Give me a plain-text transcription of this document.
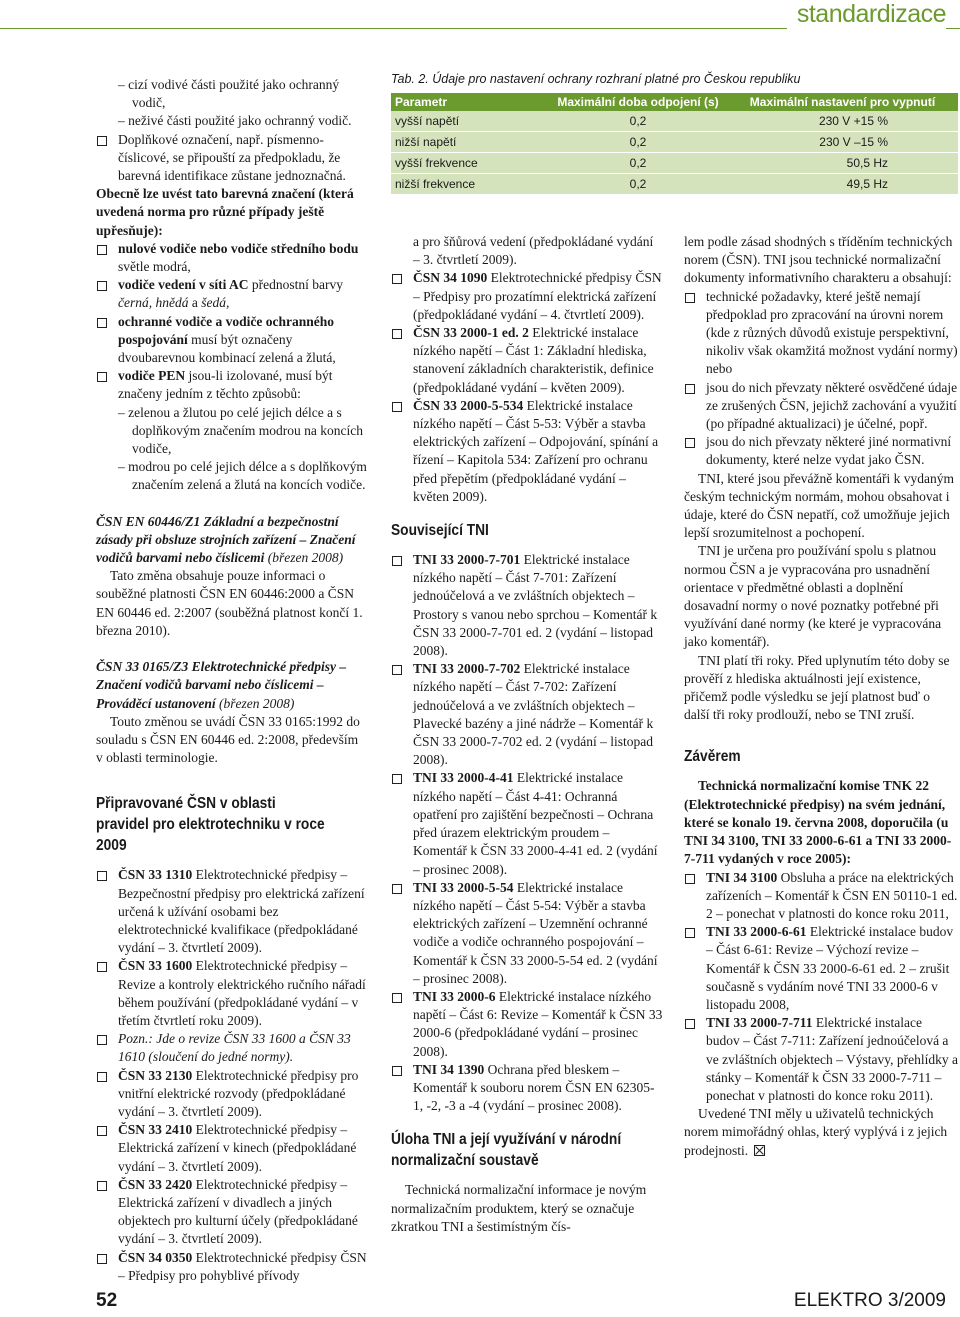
standardizace

– cizí vodivé části použité jako ochranný vodič,

– neživé části použité jako ochranný vodič.

Doplňkové označení, např. písmenno-číslicové, se připouští za předpokladu, že barevná identifikace zůstane jednoznačná.

Obecně lze uvést tato barevná značení (která uvedená norma pro různé případy ještě upřesňuje):

nulové vodiče nebo vodiče středního bodu světle modrá,

vodiče vedení v síti AC přednostní barvy černá, hnědá a šedá,

ochranné vodiče a vodiče ochranného pospojování musí být označeny dvoubarevnou kombinací zelená a žlutá,

vodiče PEN jsou-li izolované, musí být značeny jedním z těchto způsobů:

– zelenou a žlutou po celé jejich délce a s doplňkovým značením modrou na koncích vodiče,

– modrou po celé jejich délce a s doplňkovým značením zelená a žlutá na koncích vodiče.

ČSN EN 60446/Z1 Základní a bezpečnostní zásady při obsluze strojních zařízení – Značení vodičů barvami nebo číslicemi (březen 2008)

Tato změna obsahuje pouze informaci o souběžné platnosti ČSN EN 60446:2000 a ČSN EN 60446 ed. 2:2007 (souběžná platnost končí 1. března 2010).

ČSN 33 0165/Z3 Elektrotechnické předpisy – Značení vodičů barvami nebo číslicemi – Prováděcí ustanovení (březen 2008)

Touto změnou se uvádí ČSN 33 0165:1992 do souladu s ČSN EN 60446 ed. 2:2008, především v oblasti terminologie.

Připravované ČSN v oblasti pravidel pro elektrotechniku v roce 2009

ČSN 33 1310 Elektrotechnické předpisy – Bezpečnostní předpisy pro elektrická zařízení určená k užívání osobami bez elektrotechnické kvalifikace (předpokládané vydání – 3. čtvrtletí 2009).

ČSN 33 1600 Elektrotechnické předpisy – Revize a kontroly elektrického ručního nářadí během používání (předpokládané vydání – v třetím čtvrtletí roku 2009).

Pozn.: Jde o revize ČSN 33 1600 a ČSN 33 1610 (sloučení do jedné normy).

ČSN 33 2130 Elektrotechnické předpisy pro vnitřní elektrické rozvody (předpokládané vydání – 3. čtvrtletí 2009).

ČSN 33 2410 Elektrotechnické předpisy – Elektrická zařízení v kinech (předpokládané vydání – 3. čtvrtletí 2009).

ČSN 33 2420 Elektrotechnické předpisy – Elektrická zařízení v divadlech a jiných objektech pro kulturní účely (předpokládané vydání – 3. čtvrtletí 2009).

ČSN 34 0350 Elektrotechnické předpisy ČSN – Předpisy pro pohyblivé přívody

Tab. 2. Údaje pro nastavení ochrany rozhraní platné pro Českou republiku
Parametr	Maximální doba odpojení (s)	Maximální nastavení pro vypnutí
vyšší napětí	0,2	230 V +15 %
nižší napětí	0,2	230 V –15 %
vyšší frekvence	0,2	50,5 Hz
nižší frekvence	0,2	49,5 Hz

a pro šňůrová vedení (předpokládané vydání – 3. čtvrtletí 2009).

ČSN 34 1090 Elektrotechnické předpisy ČSN – Předpisy pro prozatímní elektrická zařízení (předpokládané vydání – 4. čtvrtletí 2009).

ČSN 33 2000-1 ed. 2 Elektrické instalace nízkého napětí – Část 1: Základní hlediska, stanovení základních charakteristik, definice (předpokládané vydání – květen 2009).

ČSN 33 2000-5-534 Elektrické instalace nízkého napětí – Část 5-53: Výběr a stavba elektrických zařízení – Odpojování, spínání a řízení – Kapitola 534: Zařízení pro ochranu před přepětím (předpokládané vydání – květen 2009).

Související TNI

TNI 33 2000-7-701 Elektrické instalace nízkého napětí – Část 7-701: Zařízení jednoúčelová a ve zvláštních objektech – Prostory s vanou nebo sprchou – Komentář k ČSN 33 2000-7-701 ed. 2 (vydání – listopad 2008).

TNI 33 2000-7-702 Elektrické instalace nízkého napětí – Část 7-702: Zařízení jednoúčelová a ve zvláštních objektech – Plavecké bazény a jiné nádrže – Komentář k ČSN 33 2000-7-702 ed. 2 (vydání – listopad 2008).

TNI 33 2000-4-41 Elektrické instalace nízkého napětí – Část 4-41: Ochranná opatření pro zajištění bezpečnosti – Ochrana před úrazem elektrickým proudem – Komentář k ČSN 33 2000-4-41 ed. 2 (vydání – prosinec 2008).

TNI 33 2000-5-54 Elektrické instalace nízkého napětí – Část 5-54: Výběr a stavba elektrických zařízení – Uzemnění ochranné vodiče a vodiče ochranného pospojování – Komentář k ČSN 33 2000-5-54 ed. 2 (vydání – prosinec 2008).

TNI 33 2000-6 Elektrické instalace nízkého napětí – Část 6: Revize – Komentář k ČSN 33 2000-6 (předpokládané vydání – prosinec 2008).

TNI 34 1390 Ochrana před bleskem – Komentář k souboru norem ČSN EN 62305-1, -2, -3 a -4 (vydání – prosinec 2008).

Úloha TNI a její využívání v národní normalizační soustavě

Technická normalizační informace je novým normalizačním produktem, který se označuje zkratkou TNI a šestimístným čís-

lem podle zásad shodných s tříděním technických norem (ČSN). TNI jsou technické normalizační dokumenty informativního charakteru a obsahují:

technické požadavky, které ještě nemají předpoklad pro zpracování na úrovni norem (kde z různých důvodů existuje perspektivní, nikoliv však okamžitá možnost vydání normy) nebo

jsou do nich převzaty některé osvědčené údaje ze zrušených ČSN, jejichž zachování a využití (po případné aktualizaci) je účelné, popř.

jsou do nich převzaty některé jiné normativní dokumenty, které nelze vydat jako ČSN.

TNI, které jsou převážně komentáři k vydaným českým technickým normám, mohou obsahovat i údaje, které do ČSN nepatří, což umožňuje jejich lepší srozumitelnost a pochopení.

TNI je určena pro používání spolu s platnou normou ČSN a je vypracována pro usnadnění orientace v předmětné oblasti a doplnění dosavadní normy o nové poznatky potřebné při využívání dané normy (ke které je vypracována jako komentář).

TNI platí tři roky. Před uplynutím této doby se prověří z hlediska aktuálnosti její existence, přičemž podle výsledku se její platnost buď o další tři roky prodlouží, nebo se TNI zruší.

Závěrem

Technická normalizační komise TNK 22 (Elektrotechnické předpisy) na svém jednání, které se konalo 19. června 2008, doporučila (u TNI 34 3100, TNI 33 2000-6-61 a TNI 33 2000-7-711 vydaných v roce 2005):

TNI 34 3100 Obsluha a práce na elektrických zařízeních – Komentář k ČSN EN 50110-1 ed. 2 – ponechat v platnosti do konce roku 2011,

TNI 33 2000-6-61 Elektrické instalace budov – Část 6-61: Revize – Výchozí revize – Komentář k ČSN 33 2000-6-61 ed. 2 – zrušit současně s vydáním nové TNI 33 2000-6 v listopadu 2008,

TNI 33 2000-7-711 Elektrické instalace budov – Část 7-711: Zařízení jednoúčelová a ve zvláštních objektech – Výstavy, přehlídky a stánky – Komentář k ČSN 33 2000-7-711 – ponechat v platnosti do konce roku 2011).

Uvedené TNI měly u uživatelů technických norem mimořádný ohlas, který vyplývá i z jejich prodejnosti.

52	ELEKTRO 3/2009
